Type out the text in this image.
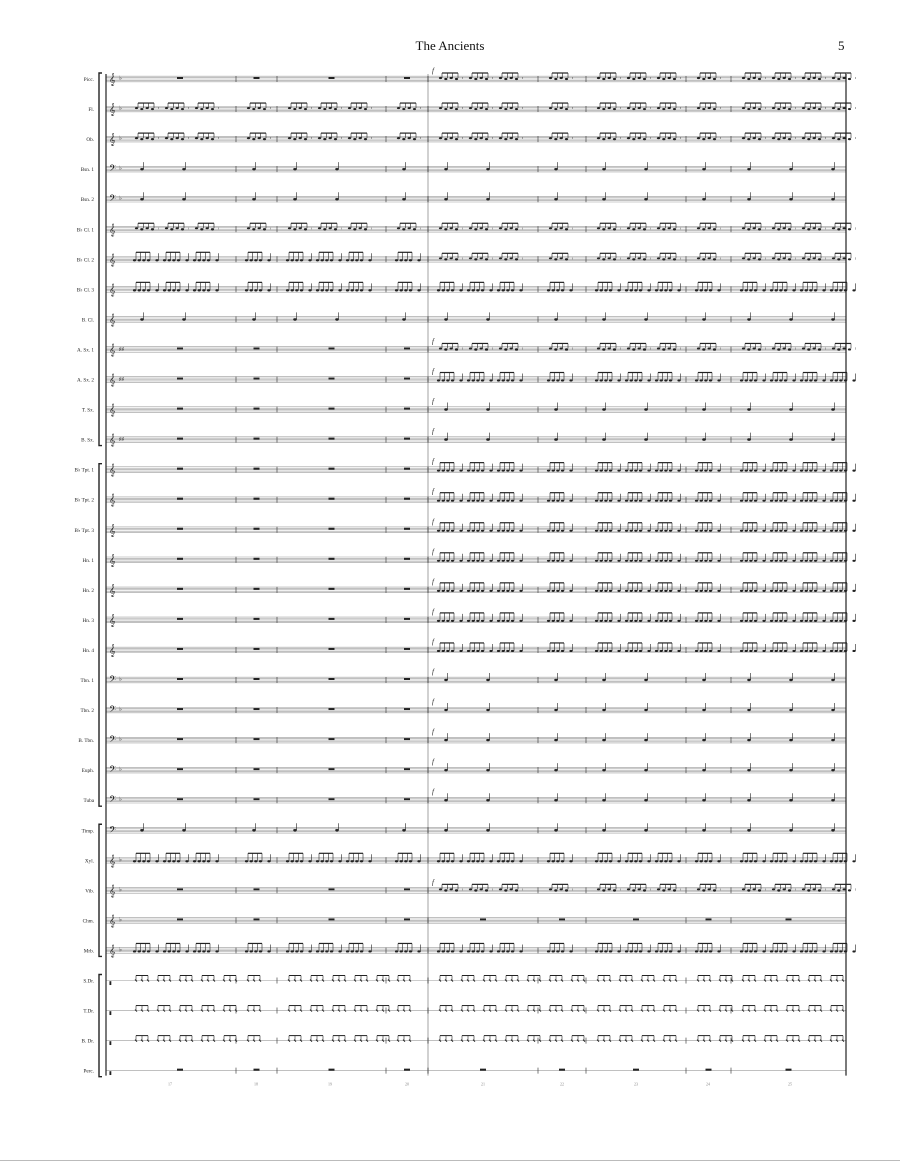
The Ancients	5
Picc. 𝄞 ♭	ᶦ	ᶦ	ᶦ	ᶦ	ᶦ	ᶦ	ᶦ	ᶦ	ᶦ	ᶦ	ᶦ	ᶦ
f
Fl. 𝄞 ♭	ᶦ	ᶦ	ᶦ	ᶦ	ᶦ	ᶦ	ᶦ	ᶦ	ᶦ	ᶦ	ᶦ	ᶦ	ᶦ	ᶦ	ᶦ	ᶦ	ᶦ	ᶦ	ᶦ	ᶦ
Ob. 𝄞 ♭	ᶦ	ᶦ	ᶦ	ᶦ	ᶦ	ᶦ	ᶦ	ᶦ	ᶦ	ᶦ	ᶦ	ᶦ	ᶦ	ᶦ	ᶦ	ᶦ	ᶦ	ᶦ	ᶦ	ᶦ
Bsn. 1 𝄢 ♭
Bsn. 2 𝄢 ♭
B♭ Cl. 1 𝄞	ᶦ	ᶦ	ᶦ	ᶦ	ᶦ	ᶦ	ᶦ	ᶦ	ᶦ	ᶦ	ᶦ	ᶦ	ᶦ	ᶦ	ᶦ	ᶦ	ᶦ	ᶦ	ᶦ	ᶦ
B♭ Cl. 2 𝄞	ᶦ	ᶦ	ᶦ	ᶦ	ᶦ	ᶦ	ᶦ	ᶦ	ᶦ	ᶦ	ᶦ	ᶦ
B♭ Cl. 3 𝄞
B. Cl. 𝄞
A. Sx. 1 𝄞 ♯♯	ᶦ	ᶦ	ᶦ	ᶦ	ᶦ	ᶦ	ᶦ	ᶦ	ᶦ	ᶦ	ᶦ	ᶦ
f
A. Sx. 2 𝄞 ♯♯
f
T. Sx. 𝄞
f
B. Sx. 𝄞 ♯♯
f
B♭ Tpt. 1 𝄞
f
B♭ Tpt. 2 𝄞
f
B♭ Tpt. 3 𝄞
f
Hn. 1 𝄞
f
Hn. 2 𝄞
f
Hn. 3 𝄞
f
Hn. 4 𝄞
f
Tbn. 1 𝄢 ♭
f
Tbn. 2 𝄢 ♭
f
B. Tbn. 𝄢 ♭
f
Euph. 𝄢 ♭
f
Tuba 𝄢 ♭
f
Timp. 𝄢
Xyl. 𝄞 ♭
Vib. 𝄞 ♭	ᶦ	ᶦ	ᶦ	ᶦ	ᶦ	ᶦ	ᶦ	ᶦ	ᶦ	ᶦ	ᶦ	ᶦ
f
Chm. 𝄞 ♭
Mrb. 𝄞 ♭
S.Dr.	▮
T.Dr.	▮
B. Dr.	▮
Perc.	▮
17	18	19	20	21	22	23	24	25
